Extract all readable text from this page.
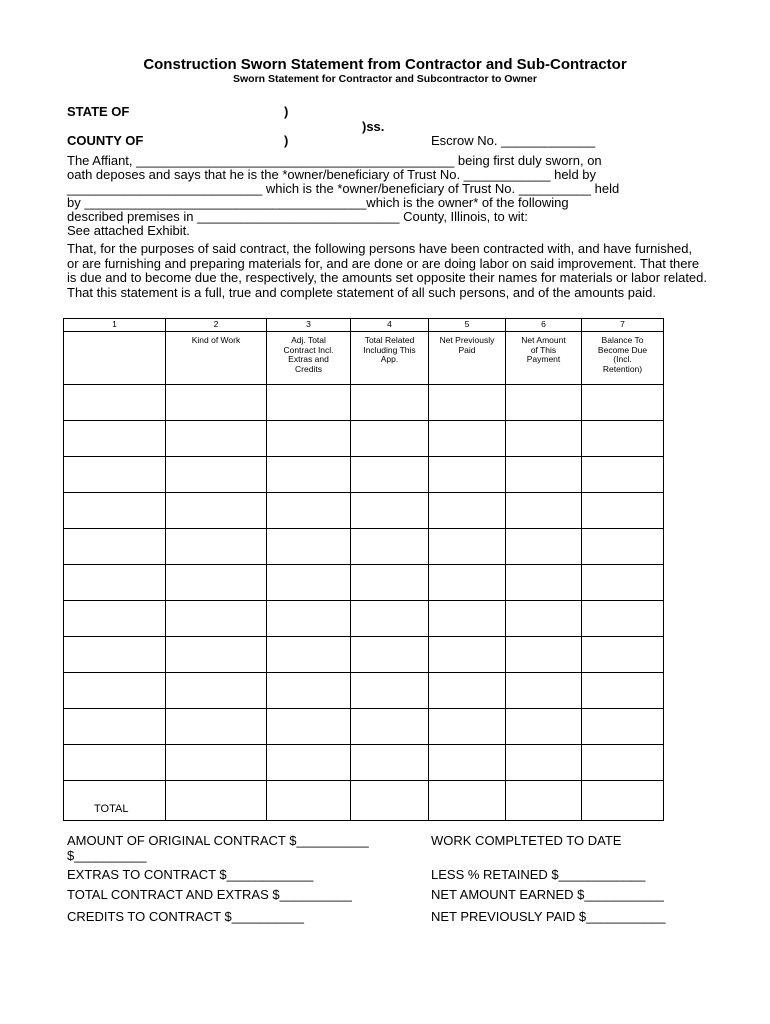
Construction Sworn Statement from Contractor and Sub-Contractor
Sworn Statement for Contractor and Subcontractor to Owner
STATE OF	)
)ss.
COUNTY OF	)	Escrow No. _____________
The Affiant, ____________________________________________ being first duly sworn, on
oath deposes and says that he is the *owner/beneficiary of Trust No. ____________ held by
___________________________ which is the *owner/beneficiary of Trust No. __________ held
by _______________________________________which is the owner* of the following
described premises in ____________________________ County, Illinois, to wit:
See attached Exhibit.
That, for the purposes of said contract, the following persons have been contracted with, and have furnished, or are furnishing and preparing materials for, and are done or are doing labor on said improvement. That there is due and to become due the, respectively, the amounts set opposite their names for materials or labor related. That this statement is a full, true and complete statement of all such persons, and of the amounts paid.
1	2	3	4	5	6	7
	Kind of Work	Adj. Total Contract Incl. Extras and Credits	Total Related Including This App.	Net Previously Paid	Net Amount of This Payment	Balance To Become Due (Incl. Retention)

TOTAL						
AMOUNT OF ORIGINAL CONTRACT $__________
$__________
EXTRAS TO CONTRACT $____________
TOTAL CONTRACT AND EXTRAS $__________
CREDITS TO CONTRACT $__________
WORK COMPLTETED TO DATE
LESS % RETAINED $____________
NET AMOUNT EARNED $___________
NET PREVIOUSLY PAID $___________
